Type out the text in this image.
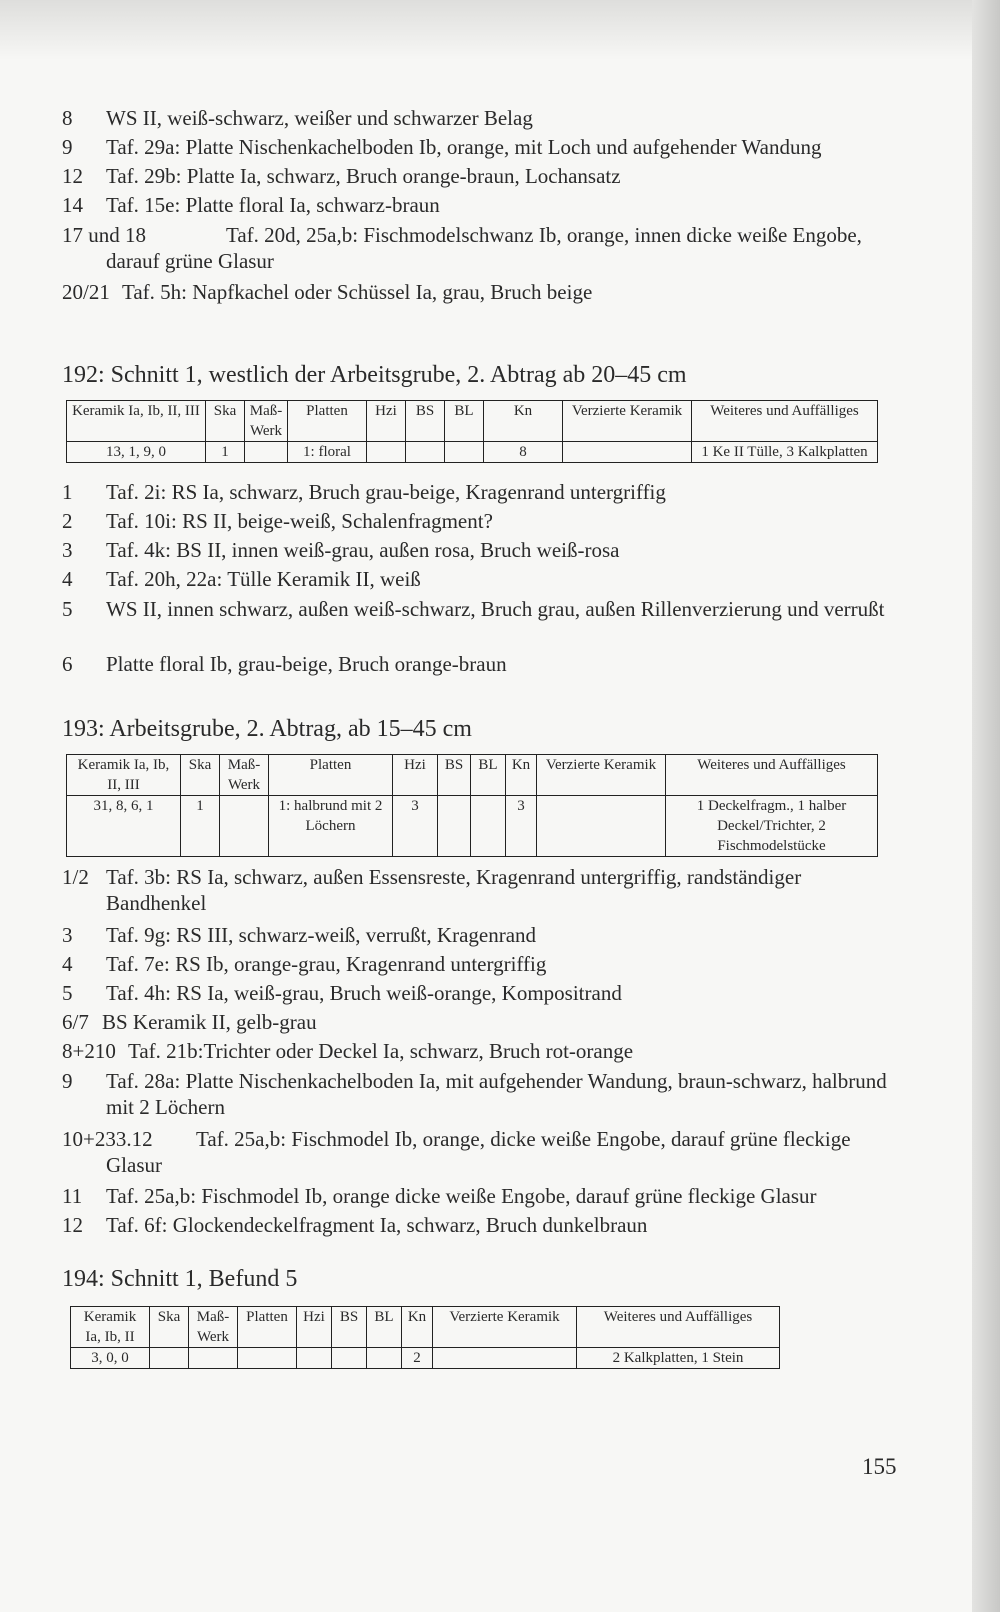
8 WS II, weiß-schwarz, weißer und schwarzer Belag
9 Taf. 29a: Platte Nischenkachelboden Ib, orange, mit Loch und aufgehender Wandung
12 Taf. 29b: Platte Ia, schwarz, Bruch orange-braun, Lochansatz
14 Taf. 15e: Platte floral Ia, schwarz-braun
17 und 18	Taf. 20d, 25a,b: Fischmodelschwanz Ib, orange, innen dicke weiße Engobe, darauf grüne Glasur
20/21 Taf. 5h: Napfkachel oder Schüssel Ia, grau, Bruch beige

192: Schnitt 1, westlich der Arbeitsgrube, 2. Abtrag ab 20–45 cm

Keramik Ia, Ib, II, III	Ska	Maß-Werk	Platten	Hzi	BS	BL	Kn	Verzierte Keramik	Weiteres und Auffälliges
13, 1, 9, 0	1		1: floral				8		1 Ke II Tülle, 3 Kalkplatten
1 Taf. 2i: RS Ia, schwarz, Bruch grau-beige, Kragenrand untergriffig
2 Taf. 10i: RS II, beige-weiß, Schalenfragment?
3 Taf. 4k: BS II, innen weiß-grau, außen rosa, Bruch weiß-rosa
4 Taf. 20h, 22a: Tülle Keramik II, weiß
5 WS II, innen schwarz, außen weiß-schwarz, Bruch grau, außen Rillenverzierung und verrußt
6 Platte floral Ib, grau-beige, Bruch orange-braun

193: Arbeitsgrube, 2. Abtrag, ab 15–45 cm

Keramik Ia, Ib, II, III	Ska	Maß-Werk	Platten	Hzi	BS	BL	Kn	Verzierte Keramik	Weiteres und Auffälliges
31, 8, 6, 1	1		1: halbrund mit 2 Löchern	3			3		1 Deckelfragm., 1 halber Deckel/Trichter, 2 Fischmodelstücke
1/2 Taf. 3b: RS Ia, schwarz, außen Essensreste, Kragenrand untergriffig, randständiger Bandhenkel
3 Taf. 9g: RS III, schwarz-weiß, verrußt, Kragenrand
4 Taf. 7e: RS Ib, orange-grau, Kragenrand untergriffig
5 Taf. 4h: RS Ia, weiß-grau, Bruch weiß-orange, Kompositrand
6/7 BS Keramik II, gelb-grau
8+210 Taf. 21b:Trichter oder Deckel Ia, schwarz, Bruch rot-orange
9 Taf. 28a: Platte Nischenkachelboden Ia, mit aufgehender Wandung, braun-schwarz, halbrund mit 2 Löchern
10+233.12	Taf. 25a,b: Fischmodel Ib, orange, dicke weiße Engobe, darauf grüne fleckige Glasur
11 Taf. 25a,b: Fischmodel Ib, orange dicke weiße Engobe, darauf grüne fleckige Glasur
12 Taf. 6f: Glockendeckelfragment Ia, schwarz, Bruch dunkelbraun

194: Schnitt 1, Befund 5

Keramik Ia, Ib, II	Ska	Maß-Werk	Platten	Hzi	BS	BL	Kn	Verzierte Keramik	Weiteres und Auffälliges
3, 0, 0							2		2 Kalkplatten, 1 Stein
155
